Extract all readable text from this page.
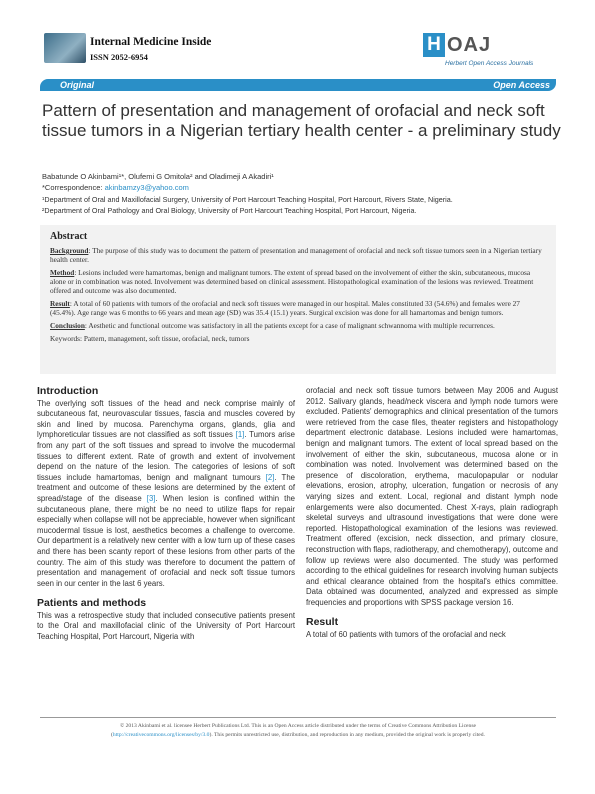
Internal Medicine Inside
ISSN 2052-6954
H OAJ
Herbert Open Access Journals
Original	Open Access
Pattern of presentation and management of orofacial and neck soft tissue tumors in a Nigerian tertiary health center - a preliminary study
Babatunde O Akinbami¹*, Olufemi G Omitola² and Oladimeji A Akadiri¹
*Correspondence: akinbamzy3@yahoo.com
¹Department of Oral and Maxillofacial Surgery, University of Port Harcourt Teaching Hospital, Port Harcourt, Rivers State, Nigeria.
²Department of Oral Pathology and Oral Biology, University of Port Harcourt Teaching Hospital, Port Harcourt, Nigeria.
Abstract

Background: The purpose of this study was to document the pattern of presentation and management of orofacial and neck soft tissue tumors seen in a Nigerian tertiary health center.

Method: Lesions included were hamartomas, benign and malignant tumors. The extent of spread based on the involvement of either the skin, subcutaneous, mucosa alone or in combination was noted. Involvement was determined based on clinical assessment. Histopathological examination of the lesions was reviewed. Treatment offered and outcome was also documented.

Result: A total of 60 patients with tumors of the orofacial and neck soft tissues were managed in our hospital. Males constituted 33 (54.6%) and females were 27 (45.4%). Age range was 6 months to 66 years and mean age (SD) was 35.4 (15.1) years. Surgical excision was done for all hamartomas and benign tumors.

Conclusion: Aesthetic and functional outcome was satisfactory in all the patients except for a case of malignant schwannoma with multiple recurrences.

Keywords: Pattern, management, soft tissue, orofacial, neck, tumors

Introduction

The overlying soft tissues of the head and neck comprise mainly of subcutaneous fat, neurovascular tissues, fascia and muscles covered by skin and lined by mucosa. Parenchyma organs, glands, glia and lymphoreticular tissues are not classified as soft tissues [1]. Tumors arise from any part of the soft tissues and spread to involve the mucodermal tissues to different extent. Rate of growth and extent of involvement depend on the nature of the lesion. The categories of lesions of soft tissues include hamartomas, benign and malignant tumours [2]. The treatment and outcome of these lesions are determined by the extent of spread/stage of the disease [3]. When lesion is confined within the subcutaneous plane, there might be no need to utilize flaps for repair especially when collapse will not be appreciable, however when significant mucodermal tissue is lost, aesthetics becomes a challenge to overcome. Our department is a relatively new center with a low turn up of these cases and there has been scanty report of these lesions from other parts of the country. The aim of this study was therefore to document the pattern of presentation and management of orofacial and neck soft tissue tumors seen in our center in the last 6 years.

Patients and methods

This was a retrospective study that included consecutive patients present to the Oral and maxillofacial clinic of the University of Port Harcourt Teaching Hospital, Port Harcourt, Nigeria with

orofacial and neck soft tissue tumors between May 2006 and August 2012. Salivary glands, head/neck viscera and lymph node tumors were excluded. Patients' demographics and clinical presentation of the tumors were retrieved from the case files, theater registers and histopathology department electronic database. Lesions included were hamartomas, benign and malignant tumors. The extent of local spread based on the involvement of either the skin, subcutaneous, mucosa alone or in combination was noted. Involvement was determined based on the presence of discoloration, erythema, maculopapular or nodular elevations, erosion, atrophy, ulceration, fungation or necrosis of any varying sizes and extent. Local, regional and distant lymph node enlargements were also documented. Chest X-rays, plain radiograph skeletal surveys and ultrasound investigations that were done were reported. Histopathological examination of the lesions was reviewed. Treatment offered (excision, neck dissection, and primary closure, reconstruction with flaps, radiotherapy, and chemotherapy), outcome and follow up reviews were also documented. The study was performed according to the ethical guidelines for research involving human subjects and ethical clearance obtained from the hospital's ethics committee. Data obtained was documented, analyzed and expressed as simple frequencies and proportions with SPSS package version 16.

Result

A total of 60 patients with tumors of the orofacial and neck

© 2013 Akinbami et al. licensee Herbert Publications Ltd. This is an Open Access article distributed under the terms of Creative Commons Attribution License
(http://creativecommons.org/licenses/by/3.0). This permits unrestricted use, distribution, and reproduction in any medium, provided the original work is properly cited.
